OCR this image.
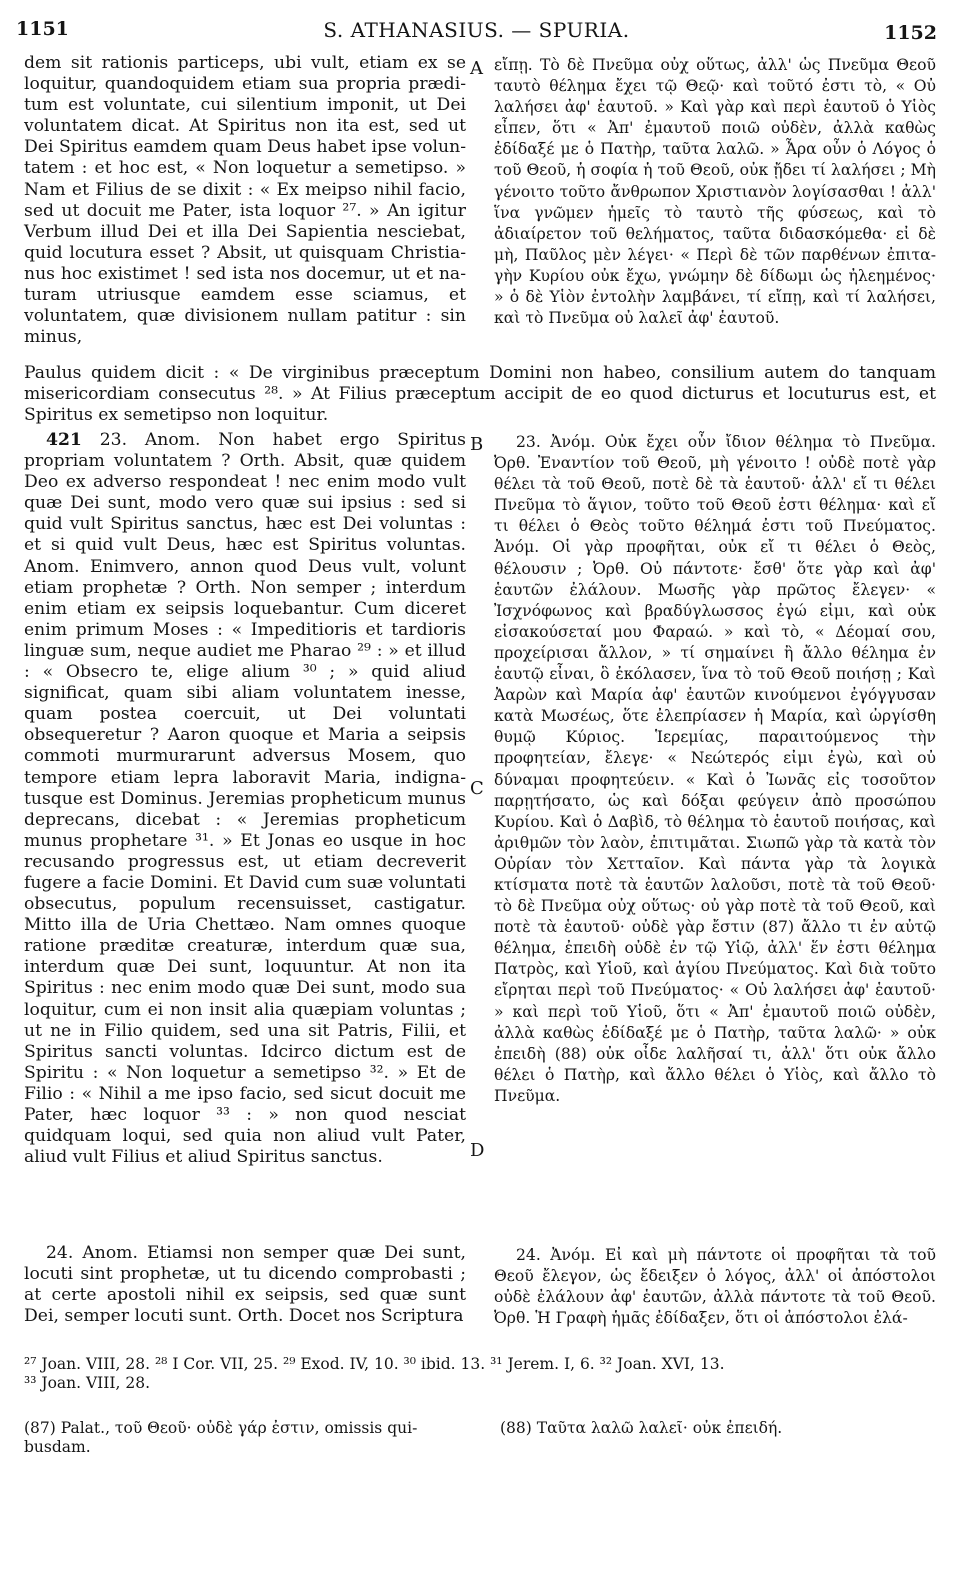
1151	S. ATHANASIUS. — SPURIA.	1152

dem sit rationis particeps, ubi vult, etiam ex se loquitur, quandoquidem etiam sua propria præditum est voluntate, cui silentium imponit, ut Dei voluntatem dicat. At Spiritus non ita est, sed ut Dei Spiritus eamdem quam Deus habet ipse voluntatem : et hoc est, « Non loquetur a semetipso. » Nam et Filius de se dixit : « Ex meipso nihil facio, sed ut docuit me Pater, ista loquor ²⁷. » An igitur Verbum illud Dei et illa Dei Sapientia nesciebat, quid locutura esset ? Absit, ut quisquam Christianus hoc existimet ! sed ista nos docemur, ut et naturam utriusque eamdem esse sciamus, et voluntatem, quæ divisionem nullam patitur : sin minus,

A εἴπῃ. Τὸ δὲ Πνεῦμα οὐχ οὕτως, ἀλλ' ὡς Πνεῦμα Θεοῦ ταυτὸ θέλημα ἔχει τῷ Θεῷ· καὶ τοῦτό ἐστι τὸ, « Οὐ λαλήσει ἀφ' ἑαυτοῦ. » Καὶ γὰρ καὶ περὶ ἑαυτοῦ ὁ Υἱὸς εἶπεν, ὅτι « Ἀπ' ἐμαυτοῦ ποιῶ οὐδὲν, ἀλλὰ καθὼς ἐδίδαξέ με ὁ Πατὴρ, ταῦτα λαλῶ. » Ἆρα οὖν ὁ Λόγος ὁ τοῦ Θεοῦ, ἡ σοφία ἡ τοῦ Θεοῦ, οὐκ ᾔδει τί λαλήσει ; Μὴ γένοιτο τοῦτο ἄνθρωπον Χριστιανὸν λογίσασθαι ! ἀλλ' ἵνα γνῶμεν ἡμεῖς τὸ ταυτὸ τῆς φύσεως, καὶ τὸ ἀδιαίρετον τοῦ θελήματος, ταῦτα διδασκόμεθα· εἰ δὲ μὴ, Παῦλος μὲν λέγει· « Περὶ δὲ τῶν παρθένων ἐπιταγὴν Κυρίου οὐκ ἔχω, γνώμην δὲ δίδωμι ὡς ἠλεημένος· » ὁ δὲ Υἱὸν ἐντολὴν λαμβάνει, τί εἴπῃ, καὶ τί λαλήσει, καὶ τὸ Πνεῦμα οὐ λαλεῖ ἀφ' ἑαυτοῦ.

Paulus quidem dicit : « De virginibus præceptum Domini non habeo, consilium autem do tanquam misericordiam consecutus ²⁸. » At Filius præceptum accipit de eo quod dicturus et locuturus est, et Spiritus ex semetipso non loquitur.

421 23. Anom. Non habet ergo Spiritus propriam voluntatem ? Orth. Absit, quæ quidem Deo ex adverso respondeat ! nec enim modo vult quæ Dei sunt, modo vero quæ sui ipsius : sed si quid vult Spiritus sanctus, hæc est Dei voluntas : et si quid vult Deus, hæc est Spiritus voluntas. Anom. Enimvero, annon quod Deus vult, volunt etiam prophetæ ? Orth. Non semper ; interdum enim etiam ex seipsis loquebantur. Cum diceret enim primum Moses : « Impeditioris et tardioris linguæ sum, neque audiet me Pharao ²⁹ : » et illud : « Obsecro te, elige alium ³⁰ ; » quid aliud significat, quam sibi aliam voluntatem inesse, quam postea coercuit, ut Dei voluntati obsequeretur ? Aaron quoque et Maria a seipsis commoti murmurarunt adversus Mosem, quo tempore etiam lepra laboravit Maria, indignatusque est Dominus. Jeremias propheticum munus deprecans, dicebat : « Jeremias propheticum munus prophetare ³¹. » Et Jonas eo usque in hoc recusando progressus est, ut etiam decreverit fugere a facie Domini. Et David cum suæ voluntati obsecutus, populum recensuisset, castigatur. Mitto illa de Uria Chettæo. Nam omnes quoque ratione præditæ creaturæ, interdum quæ sua, interdum quæ Dei sunt, loquuntur. At non ita Spiritus : nec enim modo quæ Dei sunt, modo sua loquitur, cum ei non insit alia quæpiam voluntas ; ut ne in Filio quidem, sed una sit Patris, Filii, et Spiritus sancti voluntas. Idcirco dictum est de Spiritu : « Non loquetur a semetipso ³². » Et de Filio : « Nihil a me ipso facio, sed sicut docuit me Pater, hæc loquor ³³ : » non quod nesciat quidquam loqui, sed quia non aliud vult Pater, aliud vult Filius et aliud Spiritus sanctus.

B
C
D

23. Ἀνόμ. Οὐκ ἔχει οὖν ἴδιον θέλημα τὸ Πνεῦμα. Ὀρθ. Ἐναντίον τοῦ Θεοῦ, μὴ γένοιτο ! οὐδὲ ποτὲ γὰρ θέλει τὰ τοῦ Θεοῦ, ποτὲ δὲ τὰ ἑαυτοῦ· ἀλλ' εἴ τι θέλει Πνεῦμα τὸ ἅγιον, τοῦτο τοῦ Θεοῦ ἐστι θέλημα· καὶ εἴ τι θέλει ὁ Θεὸς τοῦτο θέλημά ἐστι τοῦ Πνεύματος. Ἀνόμ. Οἱ γὰρ προφῆται, οὐκ εἴ τι θέλει ὁ Θεὸς, θέλουσιν ; Ὀρθ. Οὐ πάντοτε· ἔσθ' ὅτε γὰρ καὶ ἀφ' ἑαυτῶν ἐλάλουν. Μωσῆς γὰρ πρῶτος ἔλεγεν· « Ἰσχνόφωνος καὶ βραδύγλωσσος ἐγώ εἰμι, καὶ οὐκ εἰσακούσεταί μου Φαραώ. » καὶ τὸ, « Δέομαί σου, προχείρισαι ἄλλον, » τί σημαίνει ἢ ἄλλο θέλημα ἐν ἑαυτῷ εἶναι, ὃ ἐκόλασεν, ἵνα τὸ τοῦ Θεοῦ ποιήσῃ ; Καὶ Ἀαρὼν καὶ Μαρία ἀφ' ἑαυτῶν κινούμενοι ἐγόγγυσαν κατὰ Μωσέως, ὅτε ἐλεπρίασεν ἡ Μαρία, καὶ ὠργίσθη θυμῷ Κύριος. Ἱερεμίας, παραιτούμενος τὴν προφητείαν, ἔλεγε· « Νεώτερός εἰμι ἐγὼ, καὶ οὐ δύναμαι προφητεύειν. « Καὶ ὁ Ἰωνᾶς εἰς τοσοῦτον παρῃτήσατο, ὡς καὶ δόξαι φεύγειν ἀπὸ προσώπου Κυρίου. Καὶ ὁ Δαβὶδ, τὸ θέλημα τὸ ἑαυτοῦ ποιήσας, καὶ ἀριθμῶν τὸν λαὸν, ἐπιτιμᾶται. Σιωπῶ γὰρ τὰ κατὰ τὸν Οὐρίαν τὸν Χετταῖον. Καὶ πάντα γὰρ τὰ λογικὰ κτίσματα ποτὲ τὰ ἑαυτῶν λαλοῦσι, ποτὲ τὰ τοῦ Θεοῦ· τὸ δὲ Πνεῦμα οὐχ οὕτως· οὐ γὰρ ποτὲ τὰ τοῦ Θεοῦ, καὶ ποτὲ τὰ ἑαυτοῦ· οὐδὲ γὰρ ἔστιν (87) ἄλλο τι ἐν αὐτῷ θέλημα, ἐπειδὴ οὐδὲ ἐν τῷ Υἱῷ, ἀλλ' ἕν ἐστι θέλημα Πατρὸς, καὶ Υἱοῦ, καὶ ἁγίου Πνεύματος. Καὶ διὰ τοῦτο εἴρηται περὶ τοῦ Πνεύματος· « Οὐ λαλήσει ἀφ' ἑαυτοῦ· » καὶ περὶ τοῦ Υἱοῦ, ὅτι « Ἀπ' ἐμαυτοῦ ποιῶ οὐδὲν, ἀλλὰ καθὼς ἐδίδαξέ με ὁ Πατὴρ, ταῦτα λαλῶ· » οὐκ ἐπειδὴ (88) οὐκ οἶδε λαλῆσαί τι, ἀλλ' ὅτι οὐκ ἄλλο θέλει ὁ Πατὴρ, καὶ ἄλλο θέλει ὁ Υἱὸς, καὶ ἄλλο τὸ Πνεῦμα.

24. Anom. Etiamsi non semper quæ Dei sunt, locuti sint prophetæ, ut tu dicendo comprobasti ; at certe apostoli nihil ex seipsis, sed quæ sunt Dei, semper locuti sunt. Orth. Docet nos Scriptura

24. Ἀνόμ. Εἰ καὶ μὴ πάντοτε οἱ προφῆται τὰ τοῦ Θεοῦ ἔλεγον, ὡς ἔδειξεν ὁ λόγος, ἀλλ' οἱ ἀπόστολοι οὐδὲ ἐλάλουν ἀφ' ἑαυτῶν, ἀλλὰ πάντοτε τὰ τοῦ Θεοῦ. Ὀρθ. Ἡ Γραφὴ ἡμᾶς ἐδίδαξεν, ὅτι οἱ ἀπόστολοι ἐλά-

²⁷ Joan. VIII, 28. ²⁸ I Cor. VII, 25. ²⁹ Exod. IV, 10. ³⁰ ibid. 13. ³¹ Jerem. I, 6. ³² Joan. XVI, 13.

³³ Joan. VIII, 28.

(87) Palat., τοῦ Θεοῦ· οὐδὲ γάρ ἐστιν, omissis quibusdam.
(88) Ταῦτα λαλῶ λαλεῖ· οὐκ ἐπειδή.
